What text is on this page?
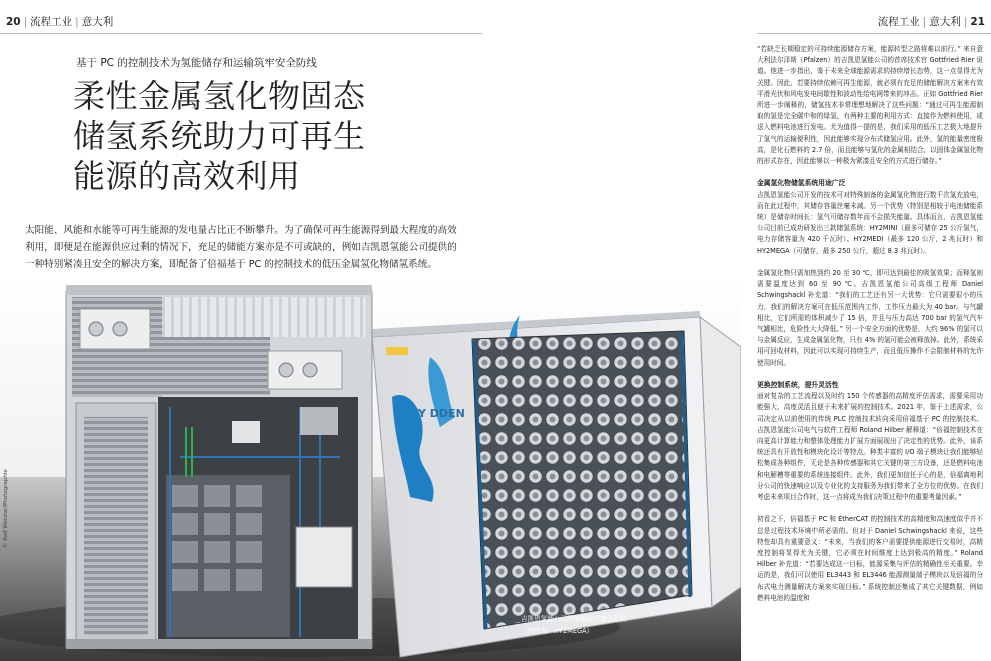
20 | 流程工业 | 意大利	流程工业 | 意大利 | 21
基于 PC 的控制技术为氢能储存和运输筑牢安全防线
柔性金属氢化物固态
储氢系统助力可再生
能源的高效利用
太阳能、风能和水能等可再生能源的发电量占比正不断攀升。为了确保可再生能源得到最大程度的高效
利用，即便是在能源供应过剩的情况下，充足的储能方案亦是不可或缺的，例如吉凯恩氢能公司提供的
一种特别紧凑且安全的解决方案，即配备了倍福基于 PC 的控制技术的低压金属氢化物储氢系统。
Y DDEN
© Ralf Wetzlar/Photographie
吉凯恩氢能公司的集装箱式储氢系统
（图中为：HY2MEGA）

“若缺乏长期稳定的可持续能源储存方案，能源转型之路将难以前行。” 来自意大利法尔泽斯（Pfalzen）的吉凯恩氢能公司的首席技术官 Gottfried Rier 说道。他进一步指出，鉴于未来全球能源需求的持续增长态势，这一点显得尤为关键。因此，若要持续依赖可再生能源，就必须有充足的储能解决方案来有效平滑光伏和风电发电间歇性和波动性给电网带来的冲击。正如 Gottfried Rier 所进一步阐释的，储氢技术非常理想地解决了这些问题：“通过可再生能源制取的氢是完全碳中和的绿氢，有两种主要的利用方式：直接作为燃料使用，或送入燃料电池进行发电。尤为值得一提的是，我们采用的低压工艺极大地提升了氢气的运输便利性，因此能够实现分布式储氢应用。此外，氢的能量密度极高，是化石燃料的 2.7 倍，而且能够与氢化的金属相结合，以固体金属氢化物的形式存在，因此能够以一种极为紧凑且安全的方式进行储存。”

金属氢化物储氢系统用途广泛

吉凯恩氢能公司开发的技术可对特殊制备的金属氢化物进行数千次氢充放电，而在此过程中，其储存容量丝毫未减。另一个优势（特别是相较于电池储能系统）是储存时间长：氢气可储存数年而不会损失能量。具体而言，吉凯恩氢能公司目前已成功研发出三款储氢系统：HY2MINI（最多可储存 25 公斤氢气，电力存储容量为 420 千瓦时）、HY2MEDI（最多 120 公斤，2 兆瓦时）和 HY2MEGA（可储存，最多 250 公斤，超过 8.3 兆瓦时）。

金属氢化物只需加热到约 20 至 30 ℃，即可达到最佳的吸氢效果；而释氢则需要温度达到 60 至 90 ℃。吉凯恩氢能公司高级工程师 Daniel Schwingshackl 补充道：“我们的工艺还有另一大优势：它只需要很小的压力，我们的解决方案可在低压范围内工作，工作压力最大为 40 bar。与气罐相比，它们所需的体积减少了 15 倍，并且与压力高达 700 bar 的氢气汽车气罐相比，危险性大大降低。” 另一个安全方面的优势是，大约 96% 的氢可以与金属反应，生成金属氢化物，只有 4% 的氢可能会被释放掉。此外，系统采用可回收材料，因此可以实现可持续生产，而且低压操作不会限制材料的允许使用时间。

更换控制系统，提升灵活性

面对复杂的工艺流程以及时约 150 个传感器的高精度评估需求，需要采用功能强大、高度灵活且便于未来扩展的控制技术。2021 年，鉴于上述需求，公司决定从以前使用的传统 PLC 控制技术转向采用倍福基于 PC 的控制技术。吉凯恩氢能公司电气与软件工程师 Roland Hilber 解释道：“倍福控制技术在向更高计算能力和整体处理能力扩展方面展现出了决定性的优势。此外，该系统还具有开放性和模块化设计等特点。种类丰富的 I/O 端子模块让我们能够轻松集成各种组件，无论是各种传感器和其它关键的第三方设备，还是燃料电池和电解槽等重要的系统连接组件。此外，我们更加信任于心的是，倍福离地利分公司的快速响应以及专业化的支持服务为我们带来了全方位的优势。在我们考虑未来项目合作时，这一点将成为我们决策过程中的重要考量因素。”

初看之下，倍福基于 PC 和 EtherCAT 的控制技术的高精度和高速度似乎并不总是过程技术环境中所必需的。但对于 Daniel Schwingshackl 来说，这些特性却具有重要意义：“未来，当我们的客户需要提供能源进行交易时，高精度控制将显得尤为关键，它必须在时间维度上达到极高的精度。” Roland Hilber 补充道：“若要达成这一目标，能源采集与评估的精确性至关重要。幸运的是，我们可以使用 EL3443 和 EL3446 能源测量端子模块以及倍福的分布式电力测量解决方案来实现目标。” 系统控制还集成了其它关键数据，例如燃料电池的温度和
